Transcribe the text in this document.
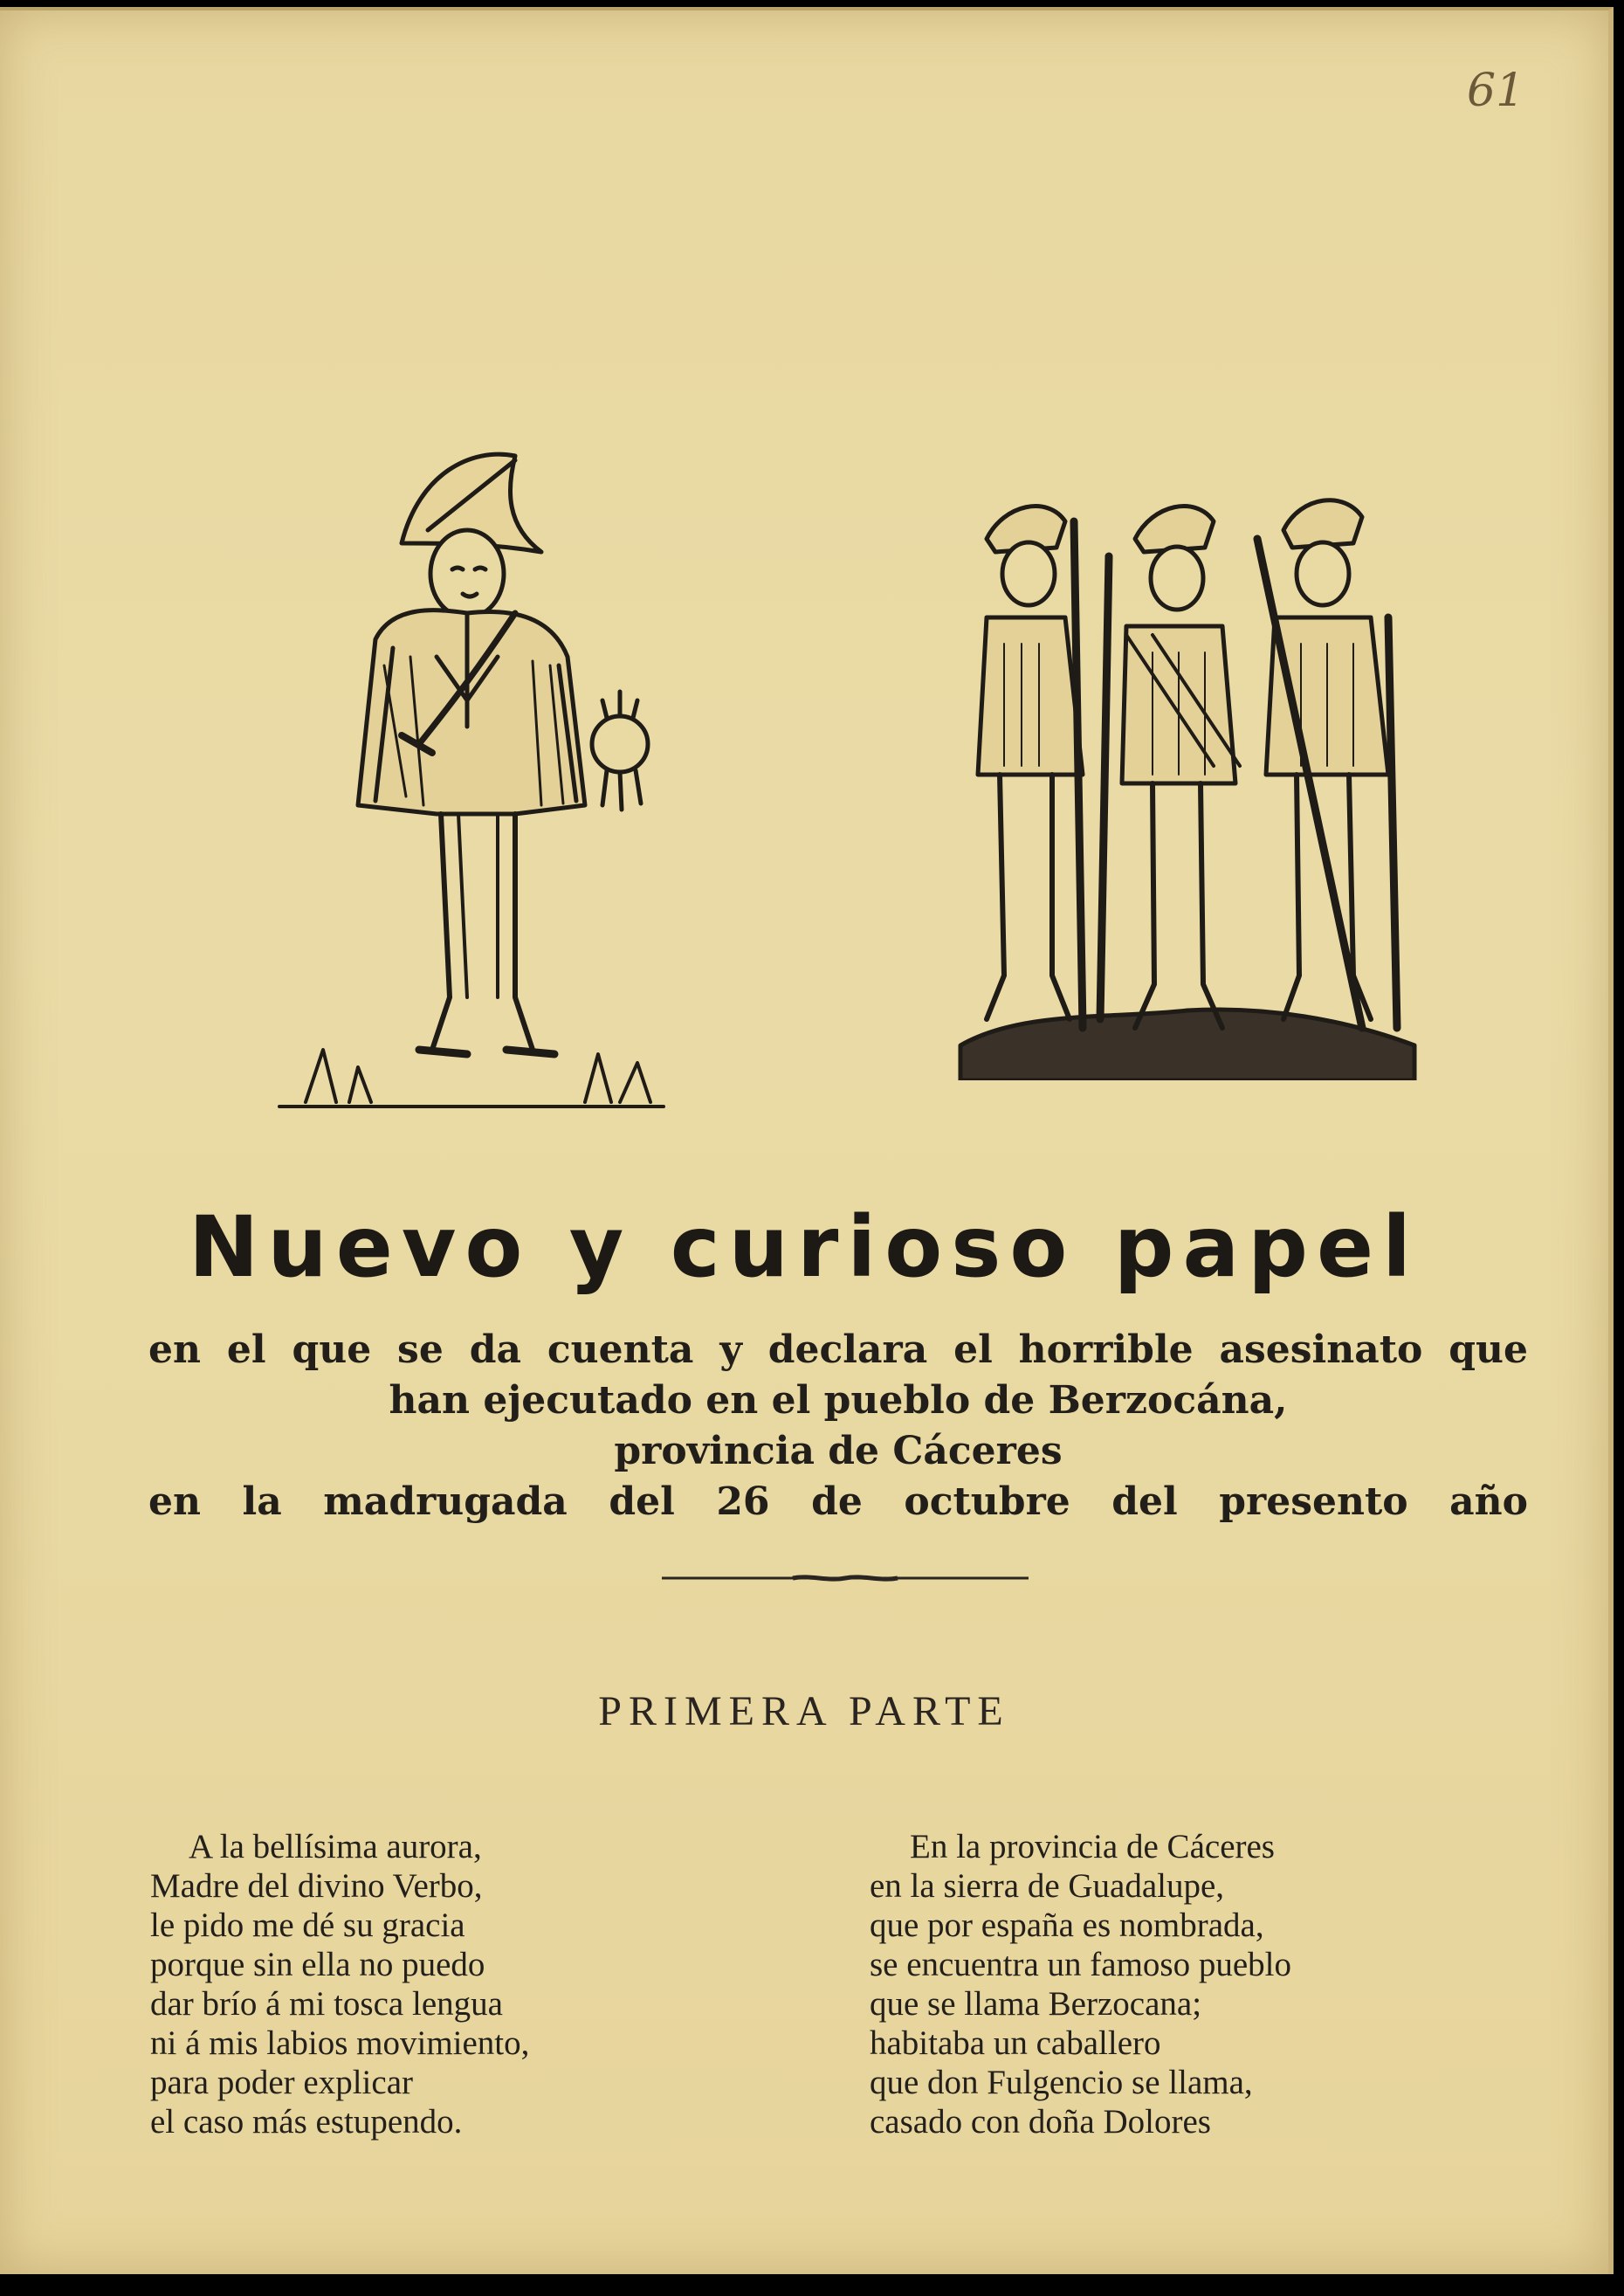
61
Nuevo y curioso papel
en el que se da cuenta y declara el horrible asesinato que
han ejecutado en el pueblo de Berzocána,
provincia de Cáceres
en la madrugada del 26 de octubre del presento año
PRIMERA PARTE
A la bellísima aurora,
Madre del divino Verbo,
le pido me dé su gracia
porque sin ella no puedo
dar brío á mi tosca lengua
ni á mis labios movimiento,
para poder explicar
el caso más estupendo.
En la provincia de Cáceres
en la sierra de Guadalupe,
que por españa es nombrada,
se encuentra un famoso pueblo
que se llama Berzocana;
habitaba un caballero
que don Fulgencio se llama,
casado con doña Dolores
